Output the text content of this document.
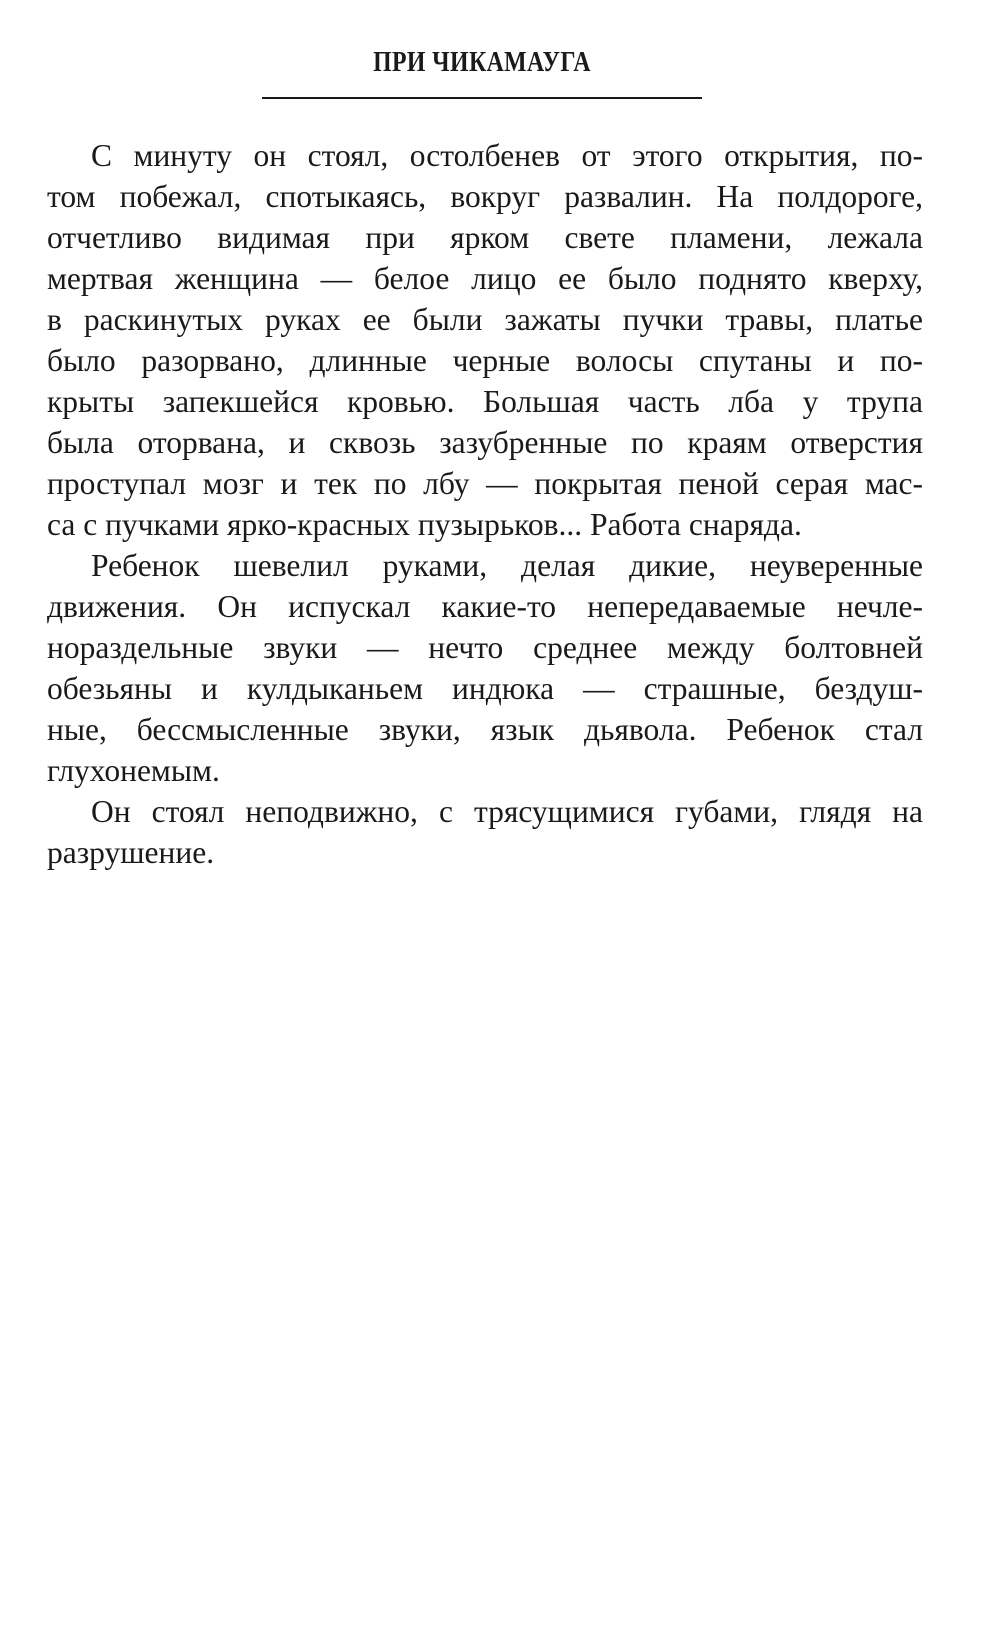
ПРИ ЧИКАМАУГА
С минуту он стоял, остолбенев от этого открытия, по-
том побежал, спотыкаясь, вокруг развалин. На полдороге,
отчетливо видимая при ярком свете пламени, лежала
мертвая женщина — белое лицо ее было поднято кверху,
в раскинутых руках ее были зажаты пучки травы, платье
было разорвано, длинные черные волосы спутаны и по-
крыты запекшейся кровью. Большая часть лба у трупа
была оторвана, и сквозь зазубренные по краям отверстия
проступал мозг и тек по лбу — покрытая пеной серая мас-
са с пучками ярко-красных пузырьков... Работа снаряда.
Ребенок шевелил руками, делая дикие, неуверенные
движения. Он испускал какие-то непередаваемые нечле-
нораздельные звуки — нечто среднее между болтовней
обезьяны и кулдыканьем индюка — страшные, бездуш-
ные, бессмысленные звуки, язык дьявола. Ребенок стал
глухонемым.
Он стоял неподвижно, с трясущимися губами, глядя на
разрушение.
